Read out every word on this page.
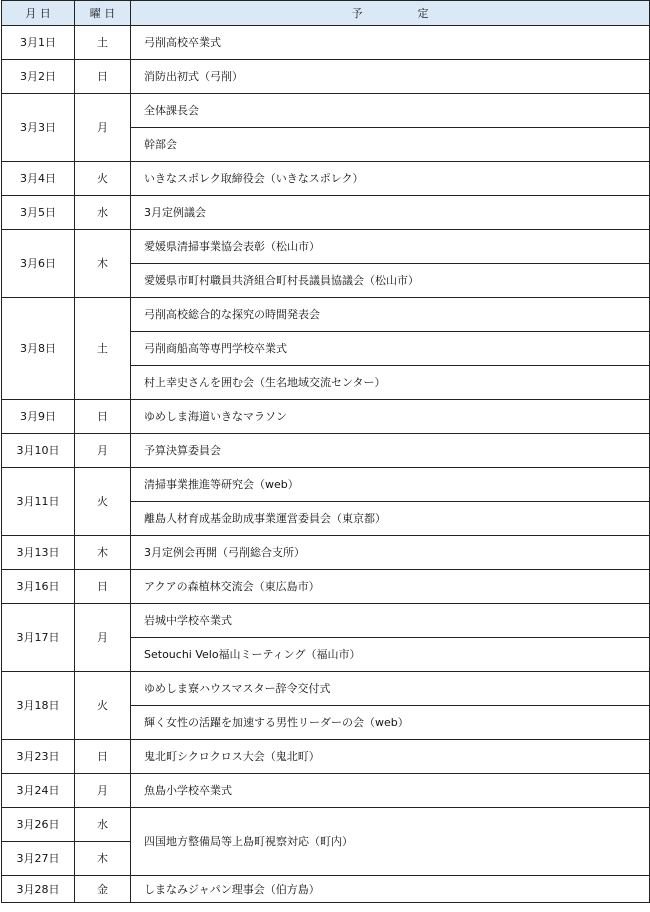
月 日	曜 日	予　　　　　定
3月1日	土	弓削高校卒業式
3月2日	日	消防出初式（弓削）
3月3日	月	全体課長会
		幹部会
3月4日	火	いきなスポレク取締役会（いきなスポレク）
3月5日	水	3月定例議会
3月6日	木	愛媛県清掃事業協会表彰（松山市）
		愛媛県市町村職員共済組合町村長議員協議会（松山市）
3月8日	土	弓削高校総合的な探究の時間発表会
		弓削商船高等専門学校卒業式
		村上幸史さんを囲む会（生名地域交流センター）
3月9日	日	ゆめしま海道いきなマラソン
3月10日	月	予算決算委員会
3月11日	火	清掃事業推進等研究会（web）
		離島人材育成基金助成事業運営委員会（東京都）
3月13日	木	3月定例会再開（弓削総合支所）
3月16日	日	アクアの森植林交流会（東広島市）
3月17日	月	岩城中学校卒業式
		Setouchi Velo福山ミーティング（福山市）
3月18日	火	ゆめしま寮ハウスマスター辞令交付式
		輝く女性の活躍を加速する男性リーダーの会（web）
3月23日	日	鬼北町シクロクロス大会（鬼北町）
3月24日	月	魚島小学校卒業式
3月26日	水	四国地方整備局等上島町視察対応（町内）
3月27日	木	
3月28日	金	しまなみジャパン理事会（伯方島）
